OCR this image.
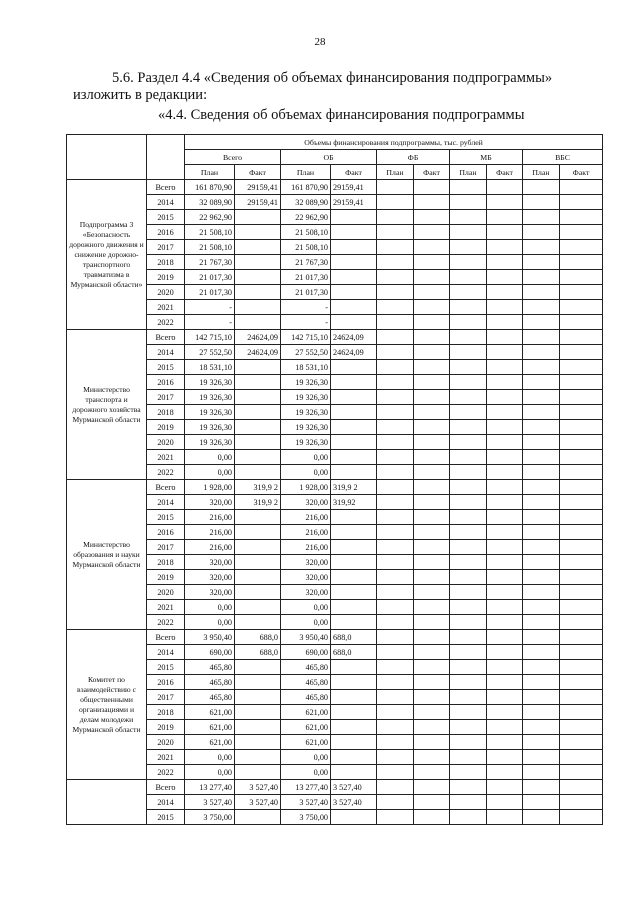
28
5.6. Раздел 4.4 «Сведения об объемах финансирования подпрограммы»
изложить в редакции:
«4.4. Сведения об объемах финансирования подпрограммы
		Объемы финансирования подпрограммы, тыс. рублей									
		Всего		ОБ		ФБ		МБ		ВБС	
		План	Факт	План	Факт	План	Факт	План	Факт	План	Факт
Подпрограмма 3 «Безопасность дорожного движения и снижение дорожно-транспортного травматизма в Мурманской области»	Всего	161 870,90	29159,41	161 870,90	29159,41						
	2014	32 089,90	29159,41	32 089,90	29159,41						
	2015	22 962,90		22 962,90							
	2016	21 508,10		21 508,10							
	2017	21 508,10		21 508,10							
	2018	21 767,30		21 767,30							
	2019	21 017,30		21 017,30							
	2020	21 017,30		21 017,30							
	2021	-		-							
	2022	-		-							
Министерство транспорта и дорожного хозяйства Мурманской области	Всего	142 715,10	24624,09	142 715,10	24624,09						
	2014	27 552,50	24624,09	27 552,50	24624,09						
	2015	18 531,10		18 531,10							
	2016	19 326,30		19 326,30							
	2017	19 326,30		19 326,30							
	2018	19 326,30		19 326,30							
	2019	19 326,30		19 326,30							
	2020	19 326,30		19 326,30							
	2021	0,00		0,00							
	2022	0,00		0,00							
Министерство образования и науки Мурманской области	Всего	1 928,00	319,9 2	1 928,00	319,9 2						
	2014	320,00	319,9 2	320,00	319,92						
	2015	216,00		216,00							
	2016	216,00		216,00							
	2017	216,00		216,00							
	2018	320,00		320,00							
	2019	320,00		320,00							
	2020	320,00		320,00							
	2021	0,00		0,00							
	2022	0,00		0,00							
Комитет по взаимодействию с общественными организациями и делам молодежи Мурманской области	Всего	3 950,40	688,0	3 950,40	688,0						
	2014	690,00	688,0	690,00	688,0						
	2015	465,80		465,80							
	2016	465,80		465,80							
	2017	465,80		465,80							
	2018	621,00		621,00							
	2019	621,00		621,00							
	2020	621,00		621,00							
	2021	0,00		0,00							
	2022	0,00		0,00							
	Всего	13 277,40	3 527,40	13 277,40	3 527,40						
	2014	3 527,40	3 527,40	3 527,40	3 527,40						
	2015	3 750,00		3 750,00							
